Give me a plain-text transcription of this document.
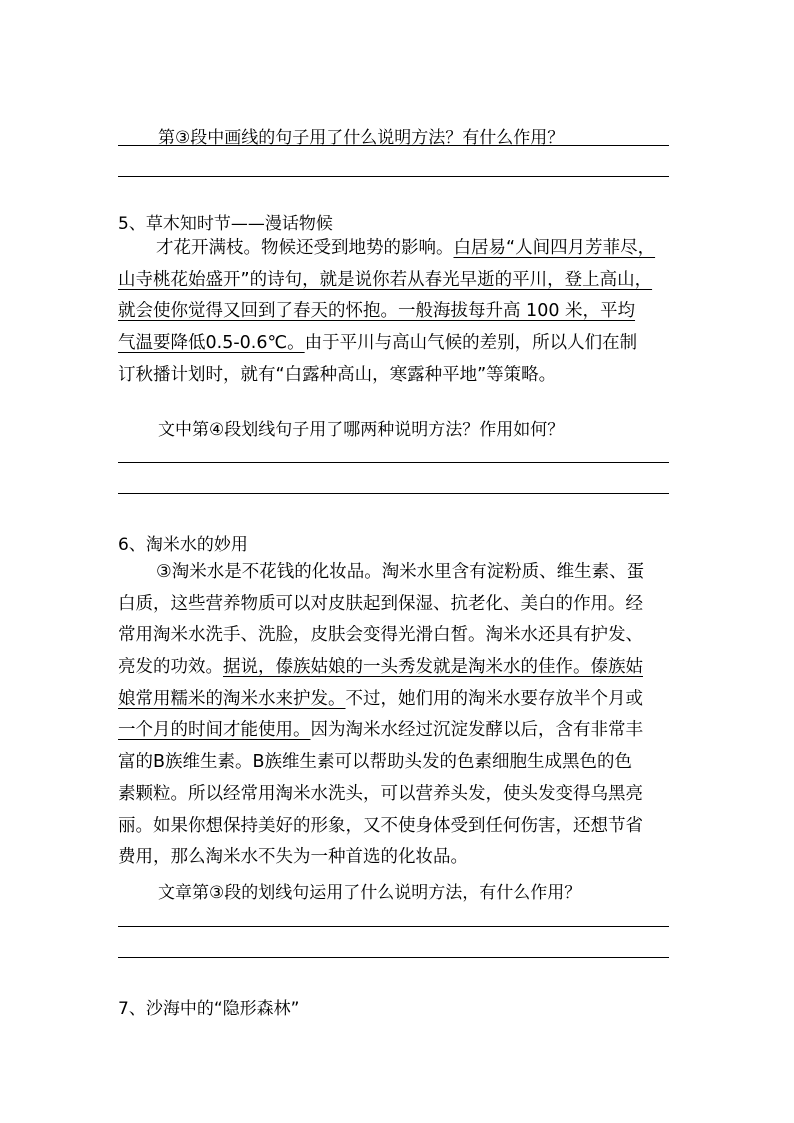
第③段中画线的句子用了什么说明方法？有什么作用？
5、草木知时节——漫话物候
才花开满枝。物候还受到地势的影响。白居易“人间四月芳菲尽，
山寺桃花始盛开”的诗句，就是说你若从春光早逝的平川，登上高山，
就会使你觉得又回到了春天的怀抱。一般海拔每升高 100 米，平均
气温要降低0.5-0.6℃。由于平川与高山气候的差别，所以人们在制
订秋播计划时，就有“白露种高山，寒露种平地”等策略。
文中第④段划线句子用了哪两种说明方法？作用如何？
6、淘米水的妙用
③淘米水是不花钱的化妆品。淘米水里含有淀粉质、维生素、蛋
白质，这些营养物质可以对皮肤起到保湿、抗老化、美白的作用。经
常用淘米水洗手、洗脸，皮肤会变得光滑白皙。淘米水还具有护发、
亮发的功效。据说，傣族姑娘的一头秀发就是淘米水的佳作。傣族姑
娘常用糯米的淘米水来护发。不过，她们用的淘米水要存放半个月或
一个月的时间才能使用。因为淘米水经过沉淀发酵以后，含有非常丰
富的B族维生素。B族维生素可以帮助头发的色素细胞生成黑色的色
素颗粒。所以经常用淘米水洗头，可以营养头发，使头发变得乌黑亮
丽。如果你想保持美好的形象，又不使身体受到任何伤害，还想节省
费用，那么淘米水不失为一种首选的化妆品。
文章第③段的划线句运用了什么说明方法，有什么作用？
7、沙海中的“隐形森林”
